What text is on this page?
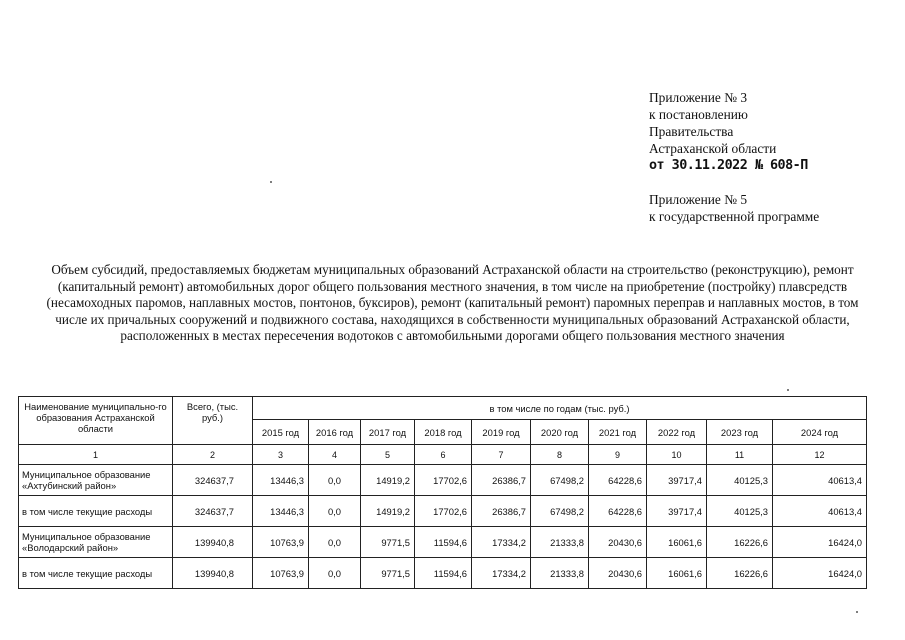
Приложение № 3
к постановлению
Правительства
Астраханской области
от 30.11.2022 № 608-П
Приложение № 5
к государственной программе
Объем субсидий, предоставляемых бюджетам муниципальных образований Астраханской области на строительство (реконструкцию), ремонт (капитальный ремонт) автомобильных дорог общего пользования местного значения, в том числе на приобретение (постройку) плавсредств (несамоходных паромов, наплавных мостов, понтонов, буксиров), ремонт (капитальный ремонт) паромных переправ и наплавных мостов, в том числе их причальных сооружений и подвижного состава, находящихся в собственности муниципальных образований Астраханской области, расположенных в местах пересечения водотоков с автомобильными дорогами общего пользования местного значения
Наименование муниципально-го образования Астраханской области	Всего, (тыс. руб.)	в том числе по годам (тыс. руб.)									
		2015 год	2016 год	2017 год	2018 год	2019 год	2020 год	2021 год	2022 год	2023 год	2024 год
1	2	3	4	5	6	7	8	9	10	11	12
Муниципальное образование «Ахтубинский район»	324637,7	13446,3	0,0	14919,2	17702,6	26386,7	67498,2	64228,6	39717,4	40125,3	40613,4
в том числе текущие расходы	324637,7	13446,3	0,0	14919,2	17702,6	26386,7	67498,2	64228,6	39717,4	40125,3	40613,4
Муниципальное образование «Володарский район»	139940,8	10763,9	0,0	9771,5	11594,6	17334,2	21333,8	20430,6	16061,6	16226,6	16424,0
в том числе текущие расходы	139940,8	10763,9	0,0	9771,5	11594,6	17334,2	21333,8	20430,6	16061,6	16226,6	16424,0
